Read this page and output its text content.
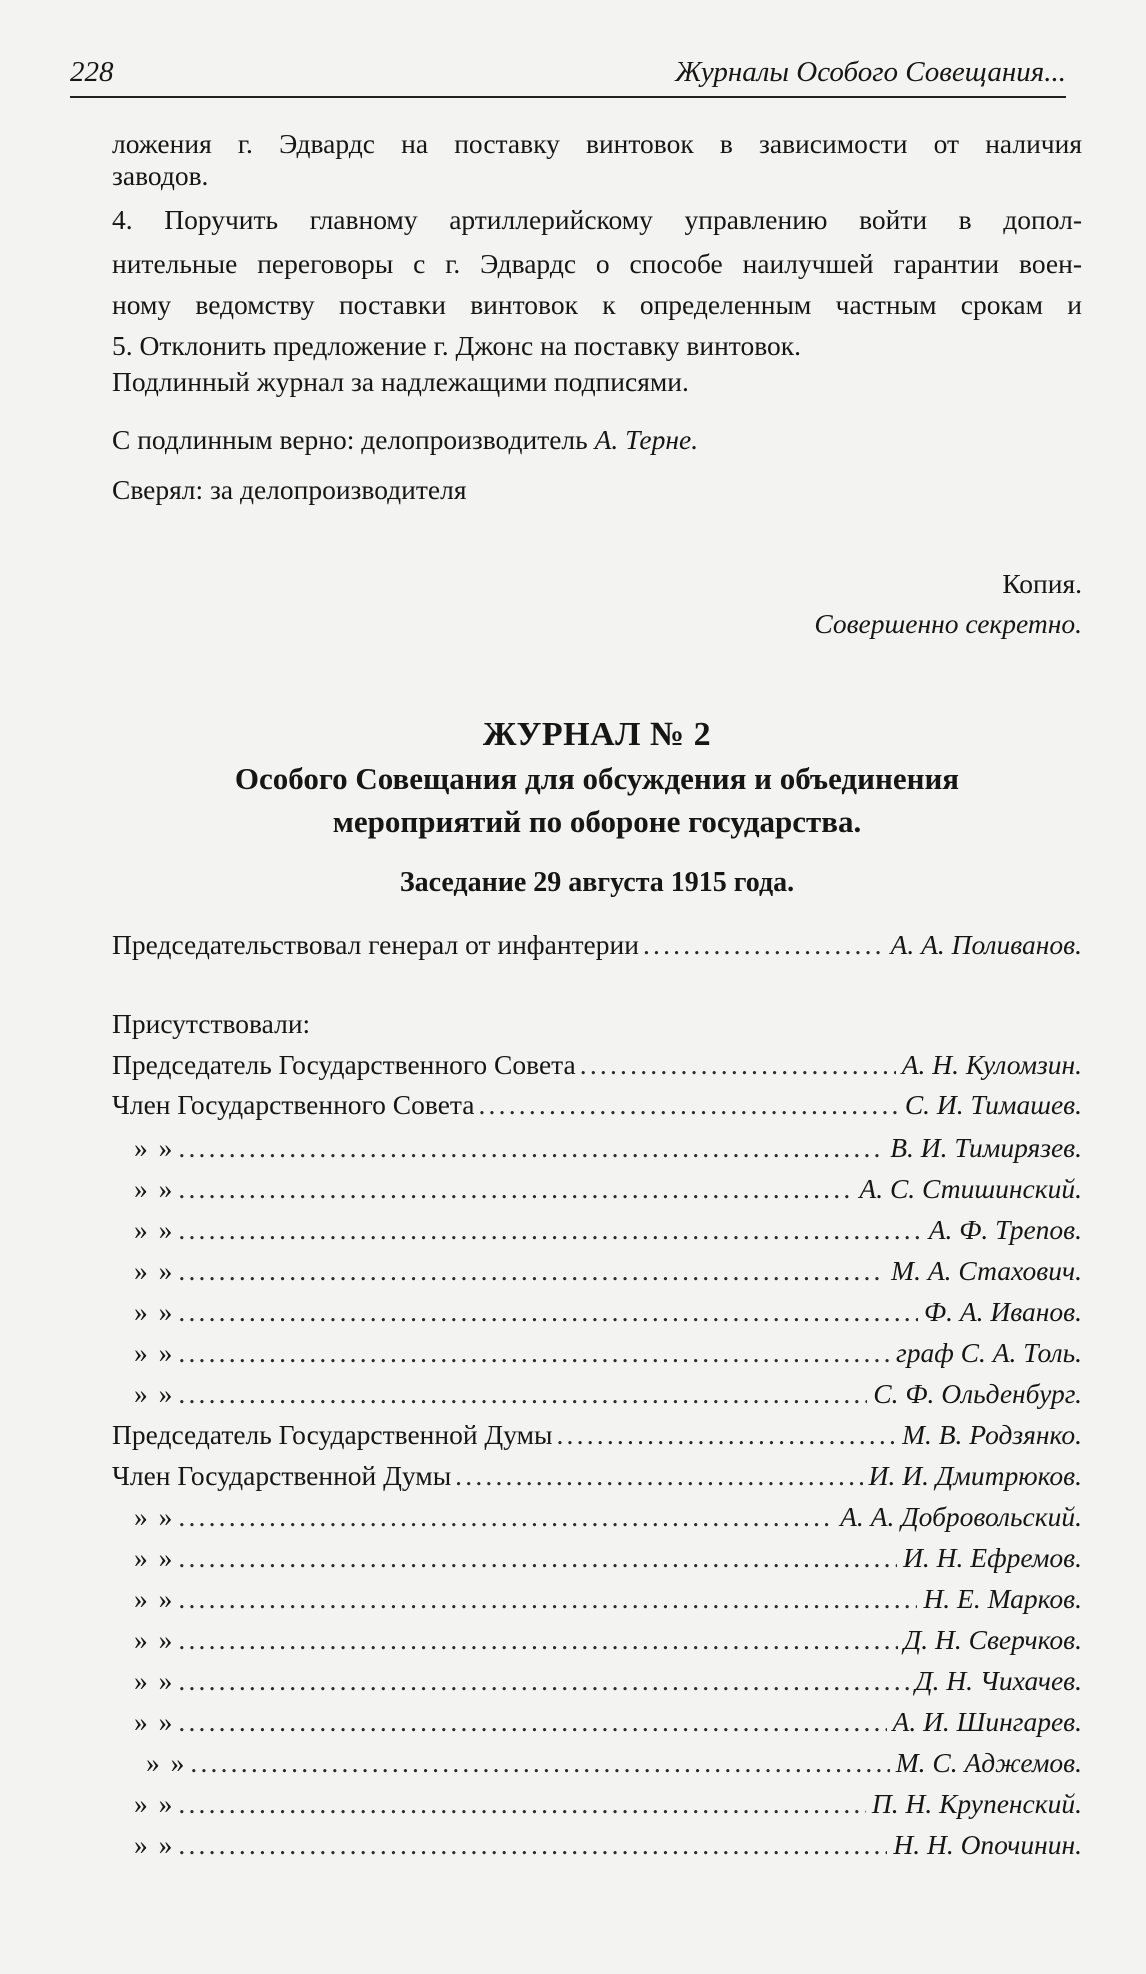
228	Журналы Особого Совещания...
ложения г. Эдвардс на поставку винтовок в зависимости от наличия
заводов.
4. Поручить главному артиллерийскому управлению войти в допол-
нительные переговоры с г. Эдвардс о способе наилучшей гарантии воен-
ному ведомству поставки винтовок к определенным частным срокам и
5. Отклонить предложение г. Джонс на поставку винтовок.
Подлинный журнал за надлежащими подписями.
С подлинным верно: делопроизводитель А. Терне.
Сверял: за делопроизводителя
Копия.
Совершенно секретно.
ЖУРНАЛ № 2
Особого Совещания для обсуждения и объединения
мероприятий по обороне государства.
Заседание 29 августа 1915 года.
Председательствовал генерал от инфантерии .....	А. А. Поливанов.
Присутствовали:
Председатель Государственного Совета .....	А. Н. Куломзин.
Член Государственного Совета .....	С. И. Тимашев.
» » .....	В. И. Тимирязев.
» » .....	А. С. Стишинский.
» » .....	А. Ф. Трепов.
» » .....	М. А. Стахович.
» » .....	Ф. А. Иванов.
» » .....	граф С. А. Толь.
» » .....	С. Ф. Ольденбург.
Председатель Государственной Думы .....	М. В. Родзянко.
Член Государственной Думы .....	И. И. Дмитрюков.
» » .....	А. А. Добровольский.
» » .....	И. Н. Ефремов.
» » .....	Н. Е. Марков.
» » .....	Д. Н. Сверчков.
» » .....	Д. Н. Чихачев.
» » .....	А. И. Шингарев.
» » .....	М. С. Аджемов.
» » .....	П. Н. Крупенский.
» » .....	Н. Н. Опочинин.
